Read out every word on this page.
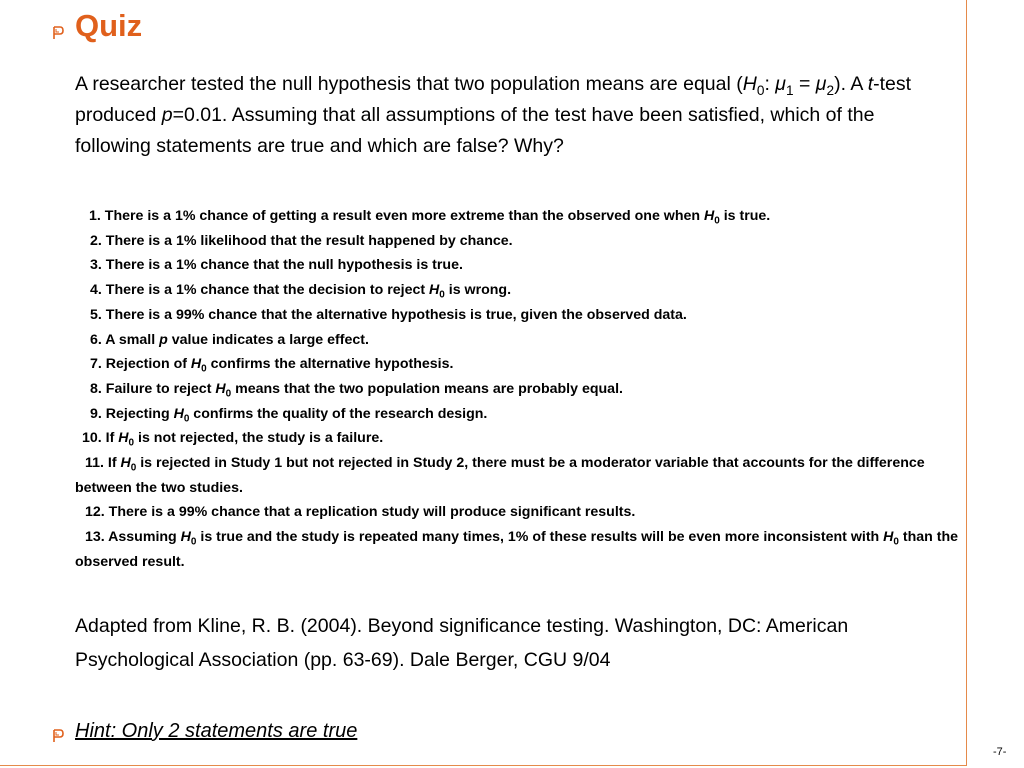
Quiz
A researcher tested the null hypothesis that two population means are equal ($H_0$: $\mu_1 = \mu_2$). A t-test produced p=0.01. Assuming that all assumptions of the test have been satisfied, which of the following statements are true and which are false? Why?
1. There is a 1% chance of getting a result even more extreme than the observed one when $H_0$ is true.
2. There is a 1% likelihood that the result happened by chance.
3. There is a 1% chance that the null hypothesis is true.
4. There is a 1% chance that the decision to reject $H_0$ is wrong.
5. There is a 99% chance that the alternative hypothesis is true, given the observed data.
6. A small p value indicates a large effect.
7. Rejection of $H_0$ confirms the alternative hypothesis.
8. Failure to reject $H_0$ means that the two population means are probably equal.
9. Rejecting $H_0$ confirms the quality of the research design.
10. If $H_0$ is not rejected, the study is a failure.
11. If $H_0$ is rejected in Study 1 but not rejected in Study 2, there must be a moderator variable that accounts for the difference between the two studies.
12. There is a 99% chance that a replication study will produce significant results.
13. Assuming $H_0$ is true and the study is repeated many times, 1% of these results will be even more inconsistent with $H_0$ than the observed result.
Adapted from Kline, R. B. (2004). Beyond significance testing. Washington, DC: American Psychological Association (pp. 63-69). Dale Berger, CGU 9/04
Hint: Only 2 statements are true
-7-
